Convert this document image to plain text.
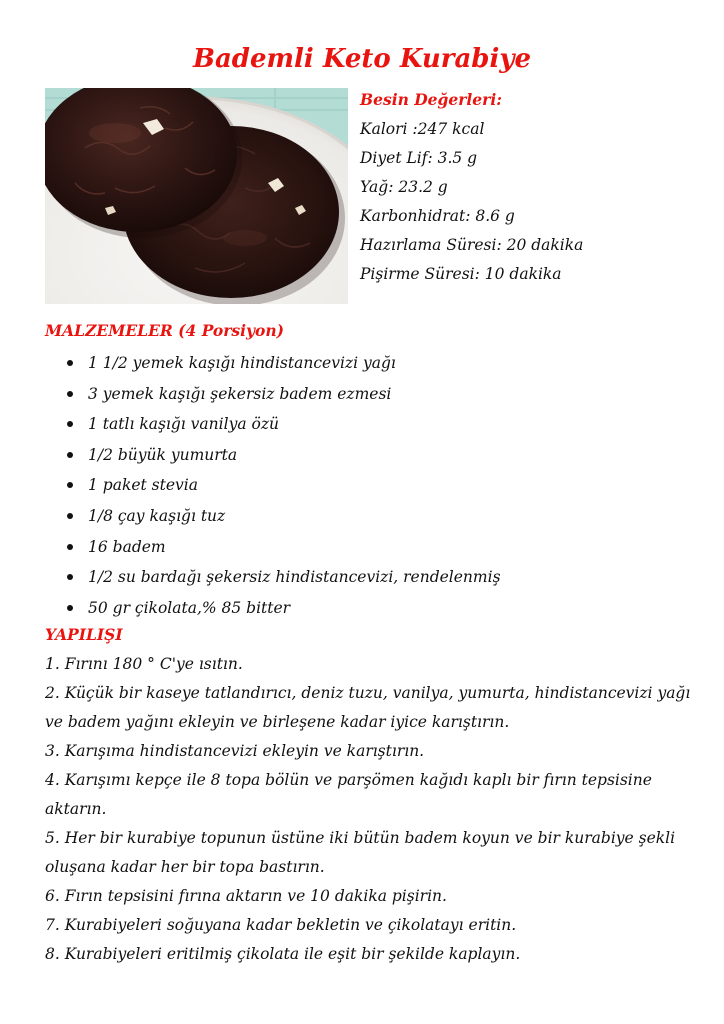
Bademli Keto Kurabiye
Besin Değerleri:
Kalori :247 kcal
Diyet Lif: 3.5 g
Yağ: 23.2 g
Karbonhidrat: 8.6 g
Hazırlama Süresi: 20 dakika
Pişirme Süresi: 10 dakika
MALZEMELER (4 Porsiyon)
1 1/2 yemek kaşığı hindistancevizi yağı
3 yemek kaşığı şekersiz badem ezmesi
1 tatlı kaşığı vanilya özü
1/2 büyük yumurta
1 paket stevia
1/8 çay kaşığı tuz
16 badem
1/2 su bardağı şekersiz hindistancevizi, rendelenmiş
50 gr çikolata,% 85 bitter
YAPILIŞI

1. Fırını 180 ° C'ye ısıtın.

2. Küçük bir kaseye tatlandırıcı, deniz tuzu, vanilya, yumurta, hindistancevizi yağı ve badem yağını ekleyin ve birleşene kadar iyice karıştırın.

3. Karışıma hindistancevizi ekleyin ve karıştırın.

4. Karışımı kepçe ile 8 topa bölün ve parşömen kağıdı kaplı bir fırın tepsisine aktarın.

5. Her bir kurabiye topunun üstüne iki bütün badem koyun ve bir kurabiye şekli oluşana kadar her bir topa bastırın.

6. Fırın tepsisini fırına aktarın ve 10 dakika pişirin.

7. Kurabiyeleri soğuyana kadar bekletin ve çikolatayı eritin.

8. Kurabiyeleri eritilmiş çikolata ile eşit bir şekilde kaplayın.
